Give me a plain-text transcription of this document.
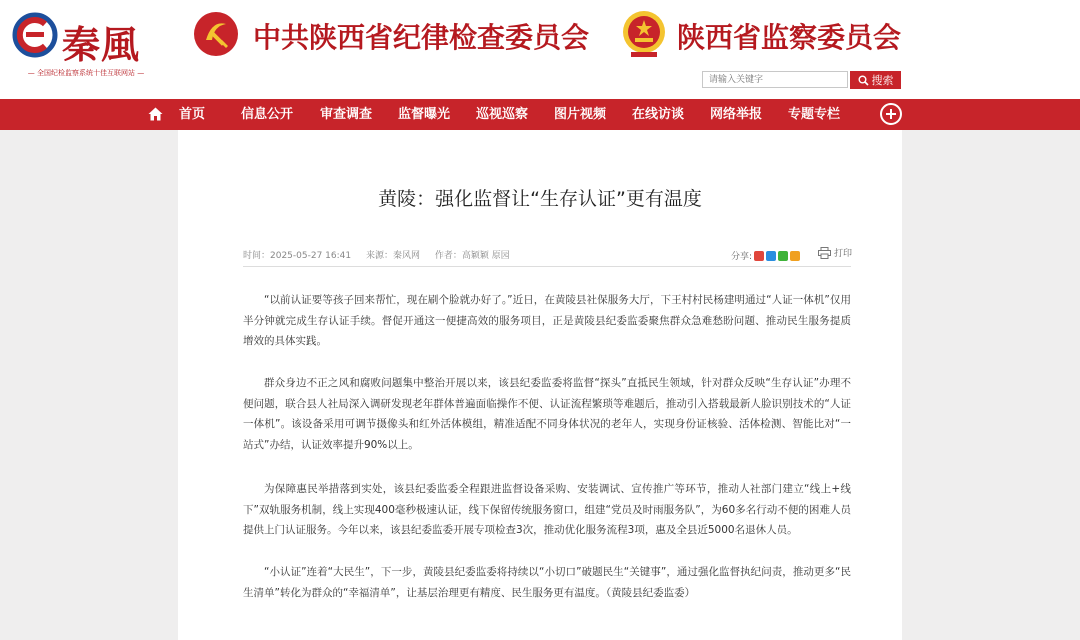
秦風
— 全国纪检监察系统十佳互联网站 —
中共陕西省纪律检查委员会	陕西省监察委员会
请输入关键字
搜索
首页	信息公开 审查调查 监督曝光 巡视巡察 图片视频 在线访谈 网络举报 专题专栏
黄陵：强化监督让“生存认证”更有温度
时间：2025-05-27 16:41 来源：秦风网 作者：高颖颖 原园	分享:	打印

“以前认证要等孩子回来帮忙，现在刷个脸就办好了。”近日，在黄陵县社保服务大厅，下王村村民杨建明通过“人证一体机”仅用半分钟就完成生存认证手续。督促开通这一便捷高效的服务项目，正是黄陵县纪委监委聚焦群众急难愁盼问题、推动民生服务提质增效的具体实践。

群众身边不正之风和腐败问题集中整治开展以来，该县纪委监委将监督“探头”直抵民生领域，针对群众反映“生存认证”办理不便问题，联合县人社局深入调研发现老年群体普遍面临操作不便、认证流程繁琐等难题后，推动引入搭载最新人脸识别技术的“人证一体机”。该设备采用可调节摄像头和红外活体模组，精准适配不同身体状况的老年人，实现身份证核验、活体检测、智能比对“一站式”办结，认证效率提升90%以上。

为保障惠民举措落到实处，该县纪委监委全程跟进监督设备采购、安装调试、宣传推广等环节，推动人社部门建立“线上+线下”双轨服务机制，线上实现400毫秒极速认证，线下保留传统服务窗口，组建“党员及时雨服务队”，为60多名行动不便的困难人员提供上门认证服务。今年以来，该县纪委监委开展专项检查3次，推动优化服务流程3项，惠及全县近5000名退休人员。

“小认证”连着“大民生”，下一步，黄陵县纪委监委将持续以“小切口”破题民生“关键事”，通过强化监督执纪问责，推动更多“民生清单”转化为群众的“幸福清单”，让基层治理更有精度、民生服务更有温度。（黄陵县纪委监委）
